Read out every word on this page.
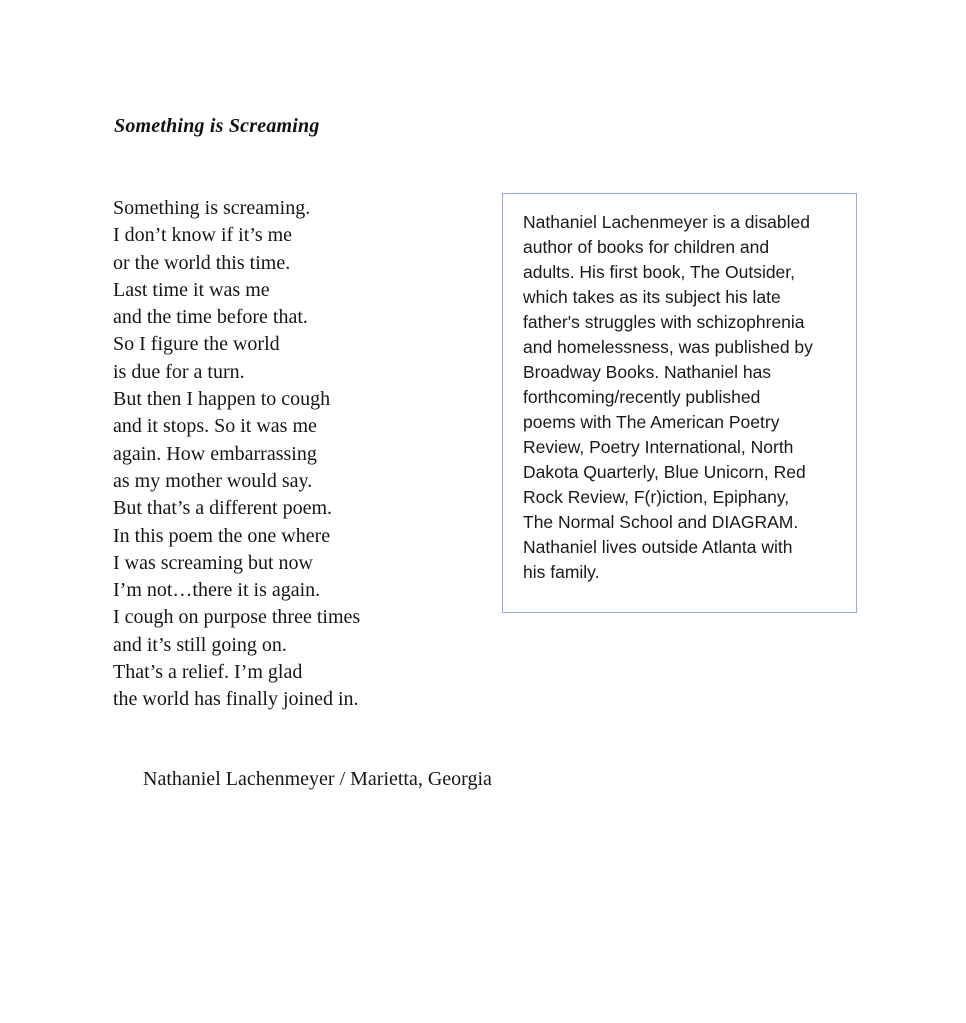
Something is Screaming
Something is screaming.
I don’t know if it’s me
or the world this time.
Last time it was me
and the time before that.
So I figure the world
is due for a turn.
But then I happen to cough
and it stops. So it was me
again. How embarrassing
as my mother would say.
But that’s a different poem.
In this poem the one where
I was screaming but now
I’m not…there it is again.
I cough on purpose three times
and it’s still going on.
That’s a relief. I’m glad
the world has finally joined in.
Nathaniel Lachenmeyer is a disabled
author of books for children and
adults. His first book, The Outsider,
which takes as its subject his late
father's struggles with schizophrenia
and homelessness, was published by
Broadway Books. Nathaniel has
forthcoming/recently published
poems with The American Poetry
Review, Poetry International, North
Dakota Quarterly, Blue Unicorn, Red
Rock Review, F(r)iction, Epiphany,
The Normal School and DIAGRAM.
Nathaniel lives outside Atlanta with
his family.
Nathaniel Lachenmeyer / Marietta, Georgia
